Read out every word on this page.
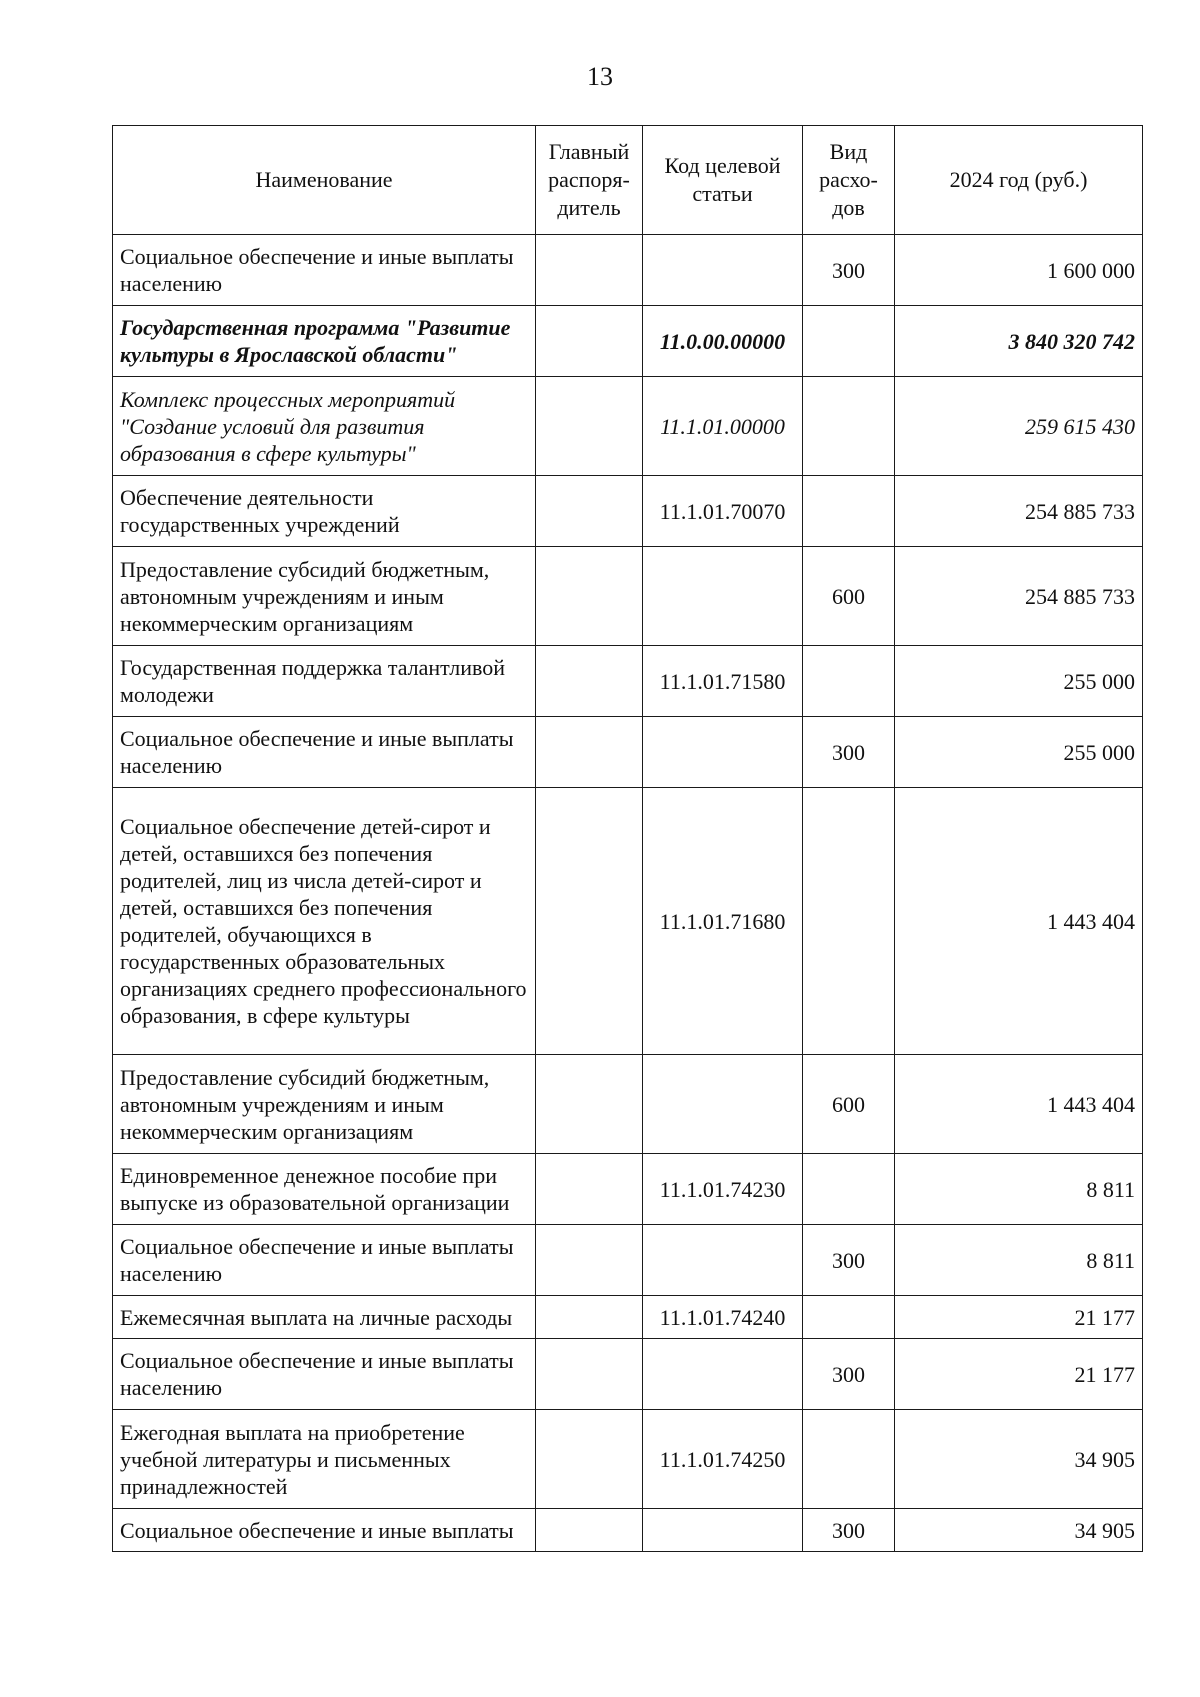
13
Наименование	Главный распоря-дитель	Код целевой статьи	Вид расхо-дов	2024 год (руб.)
Социальное обеспечение и иные выплаты населению			300	1 600 000
Государственная программа "Развитие культуры в Ярославской области"		11.0.00.00000		3 840 320 742
Комплекс процессных мероприятий "Создание условий для развития образования в сфере культуры"		11.1.01.00000		259 615 430
Обеспечение деятельности государственных учреждений		11.1.01.70070		254 885 733
Предоставление субсидий бюджетным, автономным учреждениям и иным некоммерческим организациям			600	254 885 733
Государственная поддержка талантливой молодежи		11.1.01.71580		255 000
Социальное обеспечение и иные выплаты населению			300	255 000
Социальное обеспечение детей-сирот и детей, оставшихся без попечения родителей, лиц из числа детей-сирот и детей, оставшихся без попечения родителей, обучающихся в государственных образовательных организациях среднего профессионального образования, в сфере культуры		11.1.01.71680		1 443 404
Предоставление субсидий бюджетным, автономным учреждениям и иным некоммерческим организациям			600	1 443 404
Единовременное денежное пособие при выпуске из образовательной организации		11.1.01.74230		8 811
Социальное обеспечение и иные выплаты населению			300	8 811
Ежемесячная выплата на личные расходы		11.1.01.74240		21 177
Социальное обеспечение и иные выплаты населению			300	21 177
Ежегодная выплата на приобретение учебной литературы и письменных принадлежностей		11.1.01.74250		34 905
Социальное обеспечение и иные выплаты			300	34 905
